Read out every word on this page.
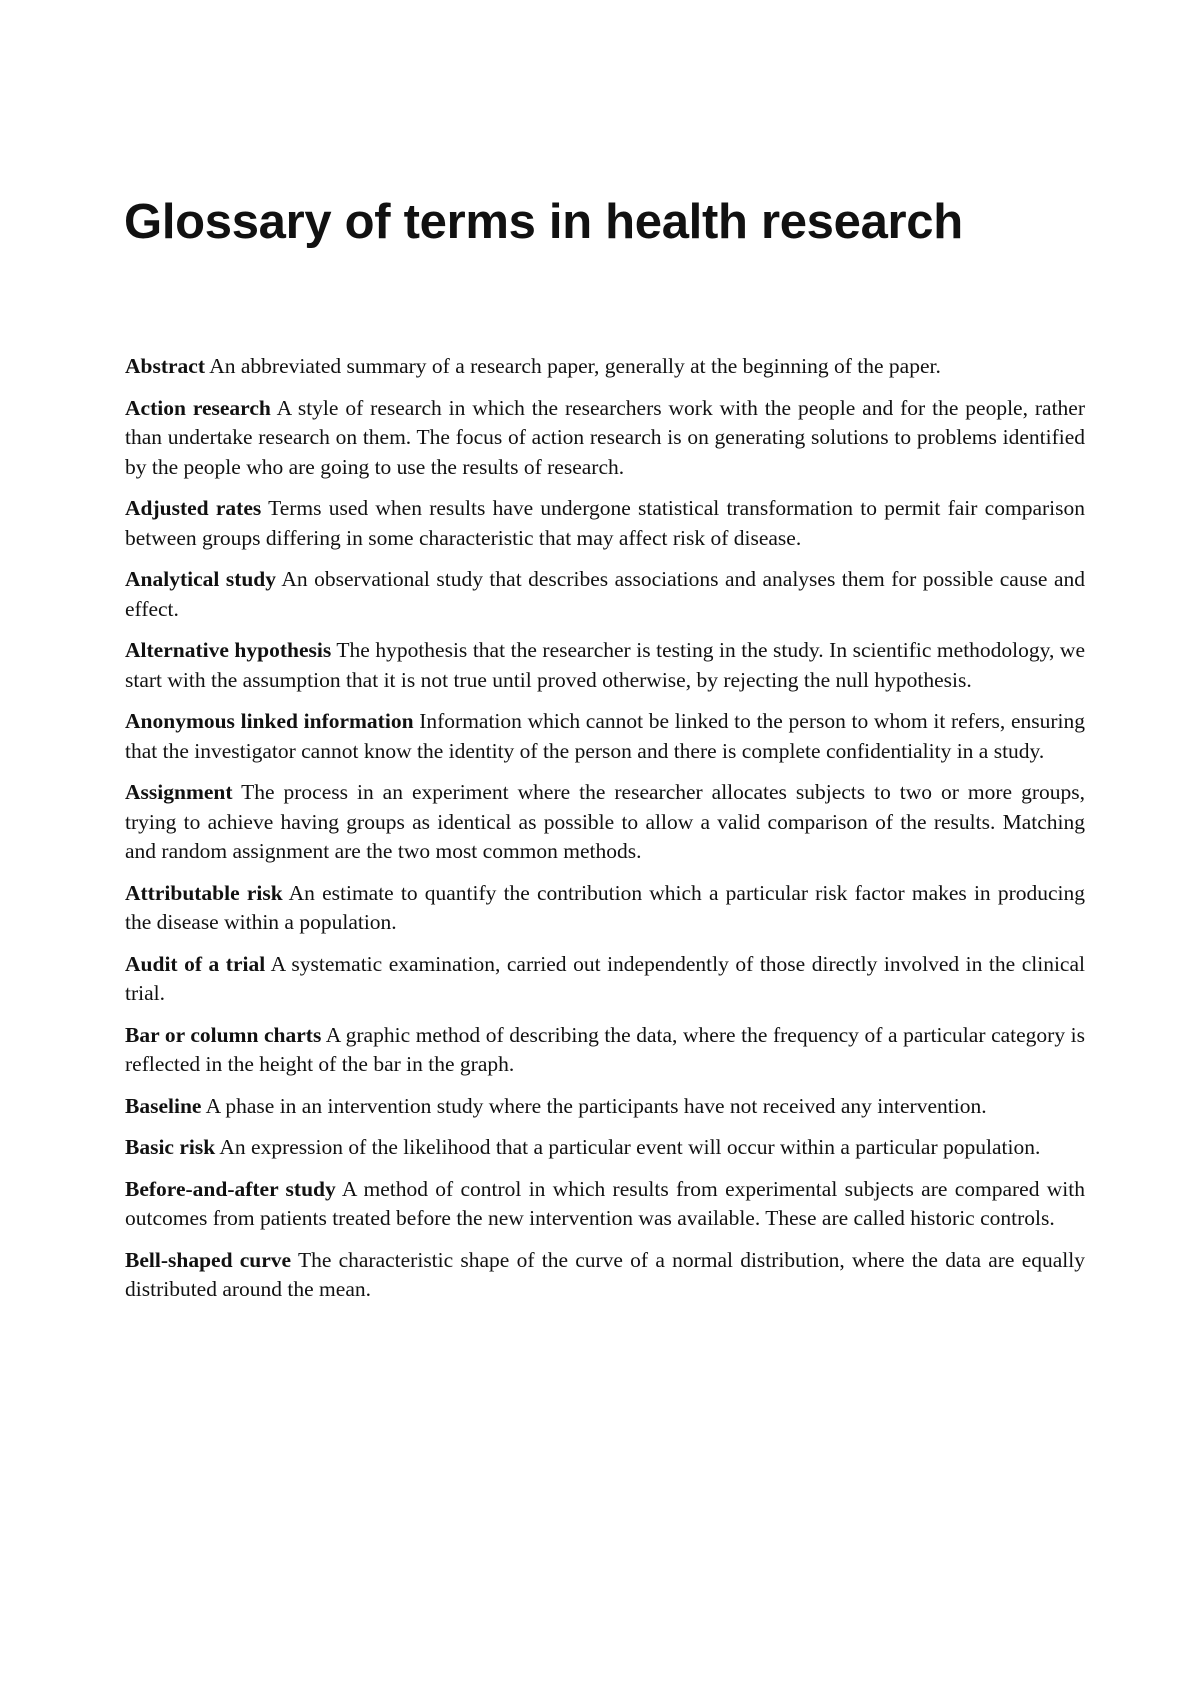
Glossary of terms in health research
Abstract An abbreviated summary of a research paper, generally at the beginning of the paper.
Action research A style of research in which the researchers work with the people and for the people, rather than undertake research on them. The focus of action research is on generating solutions to problems identified by the people who are going to use the results of research.
Adjusted rates Terms used when results have undergone statistical transformation to permit fair comparison between groups differing in some characteristic that may affect risk of disease.
Analytical study An observational study that describes associations and analyses them for possible cause and effect.
Alternative hypothesis The hypothesis that the researcher is testing in the study. In scientific methodology, we start with the assumption that it is not true until proved otherwise, by rejecting the null hypothesis.
Anonymous linked information Information which cannot be linked to the person to whom it refers, ensuring that the investigator cannot know the identity of the person and there is complete confidentiality in a study.
Assignment The process in an experiment where the researcher allocates subjects to two or more groups, trying to achieve having groups as identical as possible to allow a valid comparison of the results. Matching and random assignment are the two most common methods.
Attributable risk An estimate to quantify the contribution which a particular risk factor makes in producing the disease within a population.
Audit of a trial A systematic examination, carried out independently of those directly involved in the clinical trial.
Bar or column charts A graphic method of describing the data, where the frequency of a particular category is reflected in the height of the bar in the graph.
Baseline A phase in an intervention study where the participants have not received any intervention.
Basic risk An expression of the likelihood that a particular event will occur within a particular population.
Before-and-after study A method of control in which results from experimental subjects are compared with outcomes from patients treated before the new intervention was available. These are called historic controls.
Bell-shaped curve The characteristic shape of the curve of a normal distribution, where the data are equally distributed around the mean.
